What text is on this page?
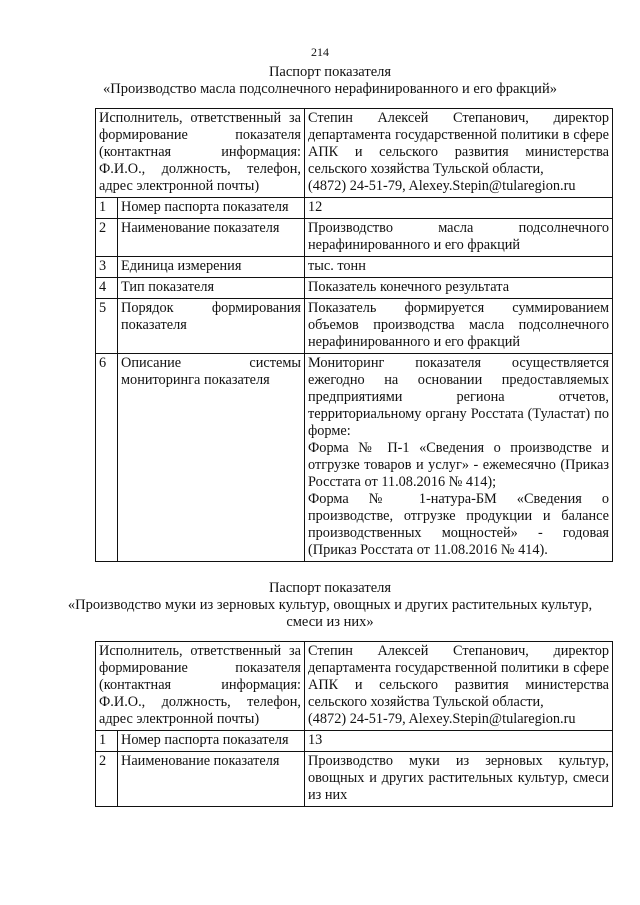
214
Паспорт показателя
«Производство масла подсолнечного нерафинированного и его фракций»
Исполнитель, ответственный за формирование показателя (контактная информация: Ф.И.О., должность, телефон, адрес электронной почты)		Степин Алексей Степанович, директор департамента государственной политики в сфере АПК и сельского развития министерства сельского хозяйства Тульской области,
(4872) 24-51-79, Alexey.Stepin@tularegion.ru

1	Номер паспорта показателя	12
2	Наименование показателя	Производство масла подсолнечного нерафинированного и его фракций
3	Единица измерения	тыс. тонн
4	Тип показателя	Показатель конечного результата
5	Порядок формирования показателя	Показатель формируется суммированием объемов производства масла подсолнечного нерафинированного и его фракций
6	Описание системы мониторинга показателя	Мониторинг показателя осуществляется ежегодно на основании предоставляемых предприятиями региона отчетов, территориальному органу Росстата (Туластат) по форме:
Форма № П-1 «Сведения о производстве и отгрузке товаров и услуг» - ежемесячно (Приказ Росстата от 11.08.2016 № 414);
Форма № 1-натура-БМ «Сведения о производстве, отгрузке продукции и балансе производственных мощностей» - годовая (Приказ Росстата от 11.08.2016 № 414).
Паспорт показателя
«Производство муки из зерновых культур, овощных и других растительных культур, смеси из них»
Исполнитель, ответственный за формирование показателя (контактная информация: Ф.И.О., должность, телефон, адрес электронной почты)		Степин Алексей Степанович, директор департамента государственной политики в сфере АПК и сельского развития министерства сельского хозяйства Тульской области,
(4872) 24-51-79, Alexey.Stepin@tularegion.ru

1	Номер паспорта показателя	13
2	Наименование показателя	Производство муки из зерновых культур, овощных и других растительных культур, смеси из них
